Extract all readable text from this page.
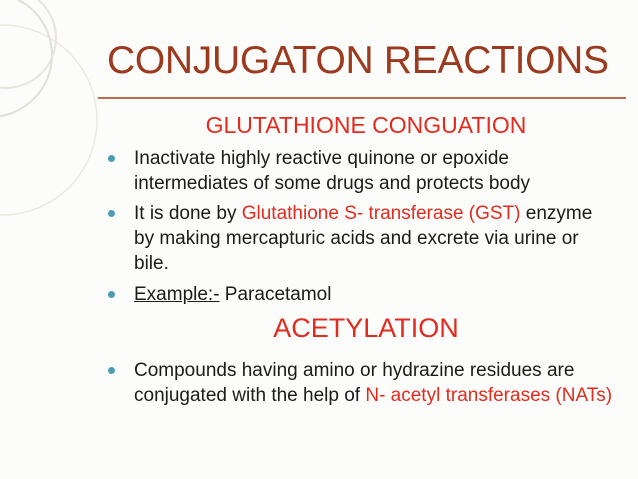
CONJUGATON REACTIONS
GLUTATHIONE CONGUATION
Inactivate highly reactive quinone or epoxide intermediates of some drugs and protects body
It is done by Glutathione S- transferase (GST) enzyme by making mercapturic acids and excrete via urine or bile.
Example:- Paracetamol
ACETYLATION
Compounds having amino or hydrazine residues are conjugated with the help of N- acetyl transferases (NATs)
